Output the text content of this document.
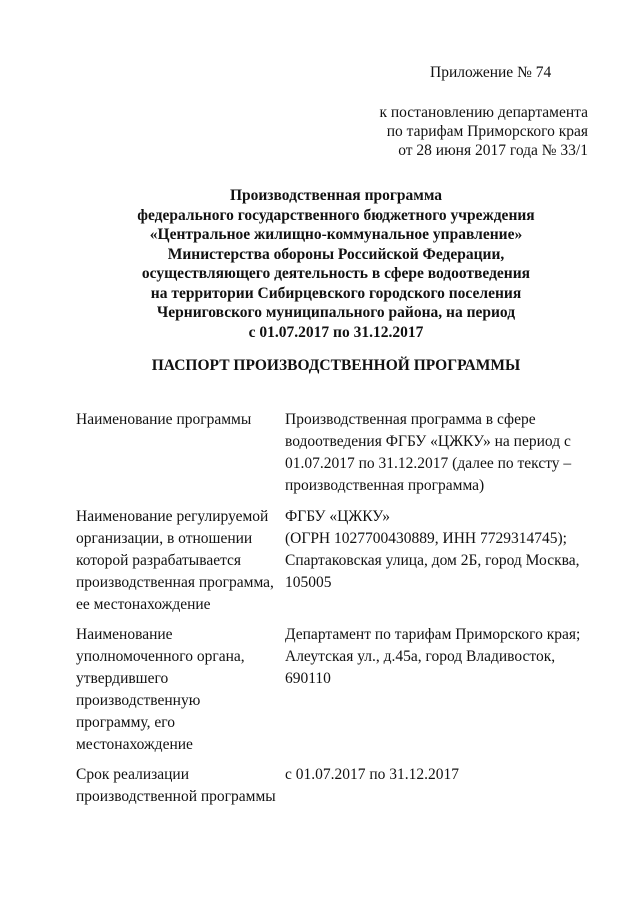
Приложение № 74
к постановлению департамента
по тарифам Приморского края
от 28 июня 2017 года № 33/1
Производственная программа
федерального государственного бюджетного учреждения
«Центральное жилищно-коммунальное управление»
Министерства обороны Российской Федерации,
осуществляющего деятельность в сфере водоотведения
на территории Сибирцевского городского поселения
Черниговского муниципального района, на период
с 01.07.2017 по 31.12.2017
ПАСПОРТ ПРОИЗВОДСТВЕННОЙ ПРОГРАММЫ
Наименование программы	Производственная программа в сфере
водоотведения ФГБУ «ЦЖКУ» на период с
01.07.2017 по 31.12.2017 (далее по тексту –
производственная программа)
Наименование регулируемой
организации, в отношении
которой разрабатывается
производственная программа,
ее местонахождение
ФГБУ «ЦЖКУ»
(ОГРН 1027700430889, ИНН 7729314745);
Спартаковская улица, дом 2Б, город Москва,
105005
Наименование
уполномоченного органа,
утвердившего
производственную
программу, его
местонахождение
Департамент по тарифам Приморского края;
Алеутская ул., д.45а, город Владивосток,
690110
Срок реализации
производственной программы
с 01.07.2017 по 31.12.2017
